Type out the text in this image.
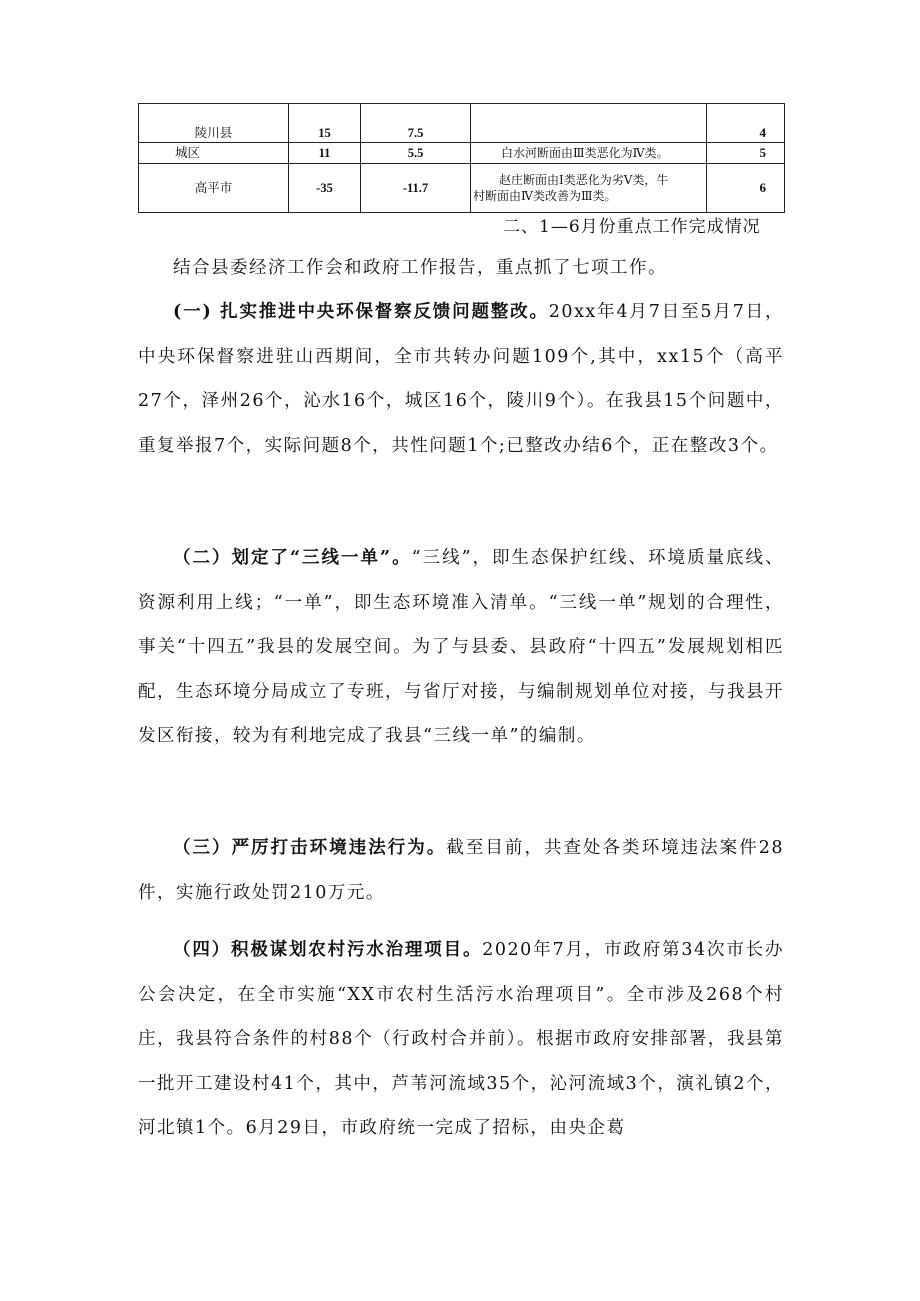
陵川县	15	7.5		4
城区	11	5.5	白水河断面由Ⅲ类恶化为Ⅳ类。	5
高平市	-35	-11.7	赵庄断面由Ⅰ类恶化为劣Ⅴ类，牛
村断面由Ⅳ类改善为Ⅲ类。	6
二、1—6月份重点工作完成情况

结合县委经济工作会和政府工作报告，重点抓了七项工作。

(一) 扎实推进中央环保督察反馈问题整改。20xx年4月7日至5月7日，中央环保督察进驻山西期间，全市共转办问题109个,其中，xx15个（高平27个，泽州26个，沁水16个，城区16个，陵川9个）。在我县15个问题中，重复举报7个，实际问题8个，共性问题1个;已整改办结6个，正在整改3个。

（二）划定了“三线一单”。“三线”，即生态保护红线、环境质量底线、资源利用上线；“一单”，即生态环境准入清单。“三线一单”规划的合理性，事关“十四五”我县的发展空间。为了与县委、县政府“十四五”发展规划相匹配，生态环境分局成立了专班，与省厅对接，与编制规划单位对接，与我县开发区衔接，较为有利地完成了我县“三线一单”的编制。

（三）严厉打击环境违法行为。截至目前，共查处各类环境违法案件28件，实施行政处罚210万元。

（四）积极谋划农村污水治理项目。2020年7月，市政府第34次市长办公会决定，在全市实施“XX市农村生活污水治理项目”。全市涉及268个村庄，我县符合条件的村88个（行政村合并前）。根据市政府安排部署，我县第一批开工建设村41个，其中，芦苇河流域35个，沁河流域3个，演礼镇2个，河北镇1个。6月29日，市政府统一完成了招标，由央企葛
